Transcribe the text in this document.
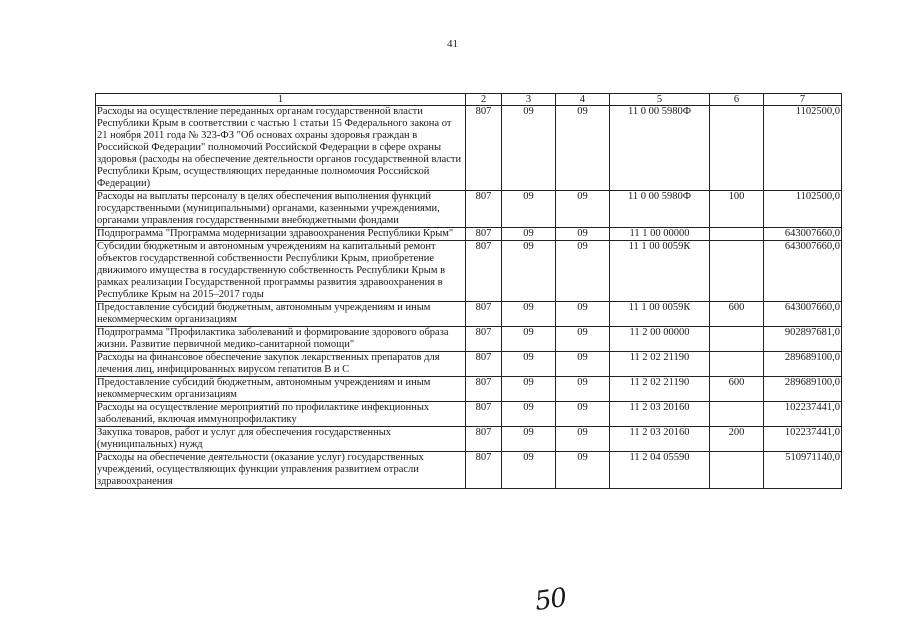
41
1	2	3	4	5	6	7
Расходы на осуществление переданных органам государственной власти Республики Крым в соответствии с частью 1 статьи 15 Федерального закона от 21 ноября 2011 года № 323-ФЗ "Об основах охраны здоровья граждан в Российской Федерации" полномочий Российской Федерации в сфере охраны здоровья (расходы на обеспечение деятельности органов государственной власти Республики Крым, осуществляющих переданные полномочия Российской Федерации)	807	09	09	11 0 00 5980Ф		1102500,0
Расходы на выплаты персоналу в целях обеспечения выполнения функций государственными (муниципальными) органами, казенными учреждениями, органами управления государственными внебюджетными фондами	807	09	09	11 0 00 5980Ф	100	1102500,0
Подпрограмма "Программа модернизации здравоохранения Республики Крым"	807	09	09	11 1 00 00000		643007660,0
Субсидии бюджетным и автономным учреждениям на капитальный ремонт объектов государственной собственности Республики Крым, приобретение движимого имущества в государственную собственность Республики Крым в рамках реализации Государственной программы развития здравоохранения в Республике Крым на 2015–2017 годы	807	09	09	11 1 00 0059К		643007660,0
Предоставление субсидий бюджетным, автономным учреждениям и иным некоммерческим организациям	807	09	09	11 1 00 0059К	600	643007660,0
Подпрограмма "Профилактика заболеваний и формирование здорового образа жизни. Развитие первичной медико-санитарной помощи"	807	09	09	11 2 00 00000		902897681,0
Расходы на финансовое обеспечение закупок лекарственных препаратов для лечения лиц, инфицированных вирусом гепатитов В и С	807	09	09	11 2 02 21190		289689100,0
Предоставление субсидий бюджетным, автономным учреждениям и иным некоммерческим организациям	807	09	09	11 2 02 21190	600	289689100,0
Расходы на осуществление мероприятий по профилактике инфекционных заболеваний, включая иммунопрофилактику	807	09	09	11 2 03 20160		102237441,0
Закупка товаров, работ и услуг для обеспечения государственных (муниципальных) нужд	807	09	09	11 2 03 20160	200	102237441,0
Расходы на обеспечение деятельности (оказание услуг) государственных учреждений, осуществляющих функции управления развитием отрасли здравоохранения	807	09	09	11 2 04 05590		510971140,0
50
